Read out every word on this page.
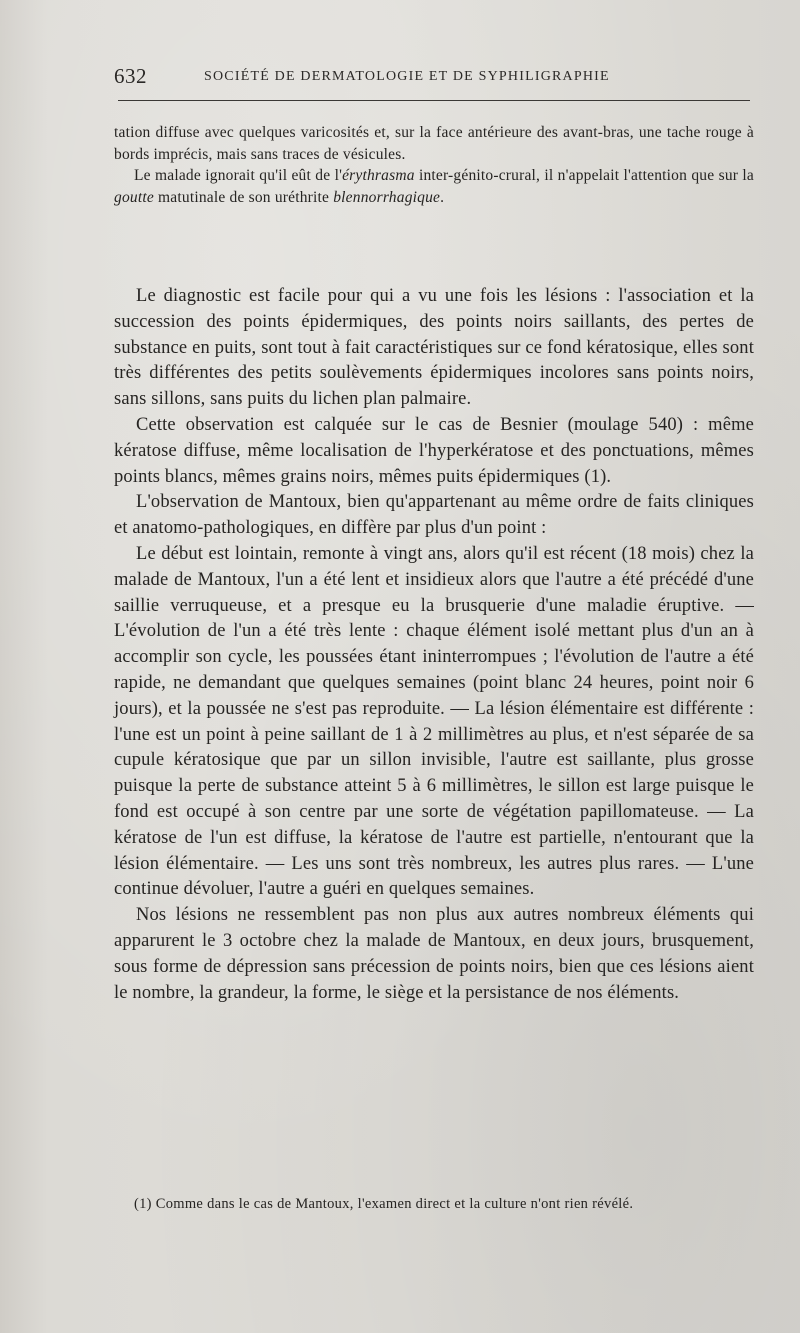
632	SOCIÉTÉ DE DERMATOLOGIE ET DE SYPHILIGRAPHIE

tation diffuse avec quelques varicosités et, sur la face antérieure des avant-bras, une tache rouge à bords imprécis, mais sans traces de vésicules.

Le malade ignorait qu'il eût de l'érythrasma inter-génito-crural, il n'appelait l'attention que sur la goutte matutinale de son uréthrite blennorrhagique.

Le diagnostic est facile pour qui a vu une fois les lésions : l'association et la succession des points épidermiques, des points noirs saillants, des pertes de substance en puits, sont tout à fait caractéristiques sur ce fond kératosique, elles sont très différentes des petits soulèvements épidermiques incolores sans points noirs, sans sillons, sans puits du lichen plan palmaire.

Cette observation est calquée sur le cas de Besnier (moulage 540) : même kératose diffuse, même localisation de l'hyperkératose et des ponctuations, mêmes points blancs, mêmes grains noirs, mêmes puits épidermiques (1).

L'observation de Mantoux, bien qu'appartenant au même ordre de faits cliniques et anatomo-pathologiques, en diffère par plus d'un point :

Le début est lointain, remonte à vingt ans, alors qu'il est récent (18 mois) chez la malade de Mantoux, l'un a été lent et insidieux alors que l'autre a été précédé d'une saillie verruqueuse, et a presque eu la brusquerie d'une maladie éruptive. — L'évolution de l'un a été très lente : chaque élément isolé mettant plus d'un an à accomplir son cycle, les poussées étant ininterrompues ; l'évolution de l'autre a été rapide, ne demandant que quelques semaines (point blanc 24 heures, point noir 6 jours), et la poussée ne s'est pas reproduite. — La lésion élémentaire est différente : l'une est un point à peine saillant de 1 à 2 millimètres au plus, et n'est séparée de sa cupule kératosique que par un sillon invisible, l'autre est saillante, plus grosse puisque la perte de substance atteint 5 à 6 millimètres, le sillon est large puisque le fond est occupé à son centre par une sorte de végétation papillomateuse. — La kératose de l'un est diffuse, la kératose de l'autre est partielle, n'entourant que la lésion élémentaire. — Les uns sont très nombreux, les autres plus rares. — L'une continue dévoluer, l'autre a guéri en quelques semaines.

Nos lésions ne ressemblent pas non plus aux autres nombreux éléments qui apparurent le 3 octobre chez la malade de Mantoux, en deux jours, brusquement, sous forme de dépression sans précession de points noirs, bien que ces lésions aient le nombre, la grandeur, la forme, le siège et la persistance de nos éléments.

(1) Comme dans le cas de Mantoux, l'examen direct et la culture n'ont rien révélé.
